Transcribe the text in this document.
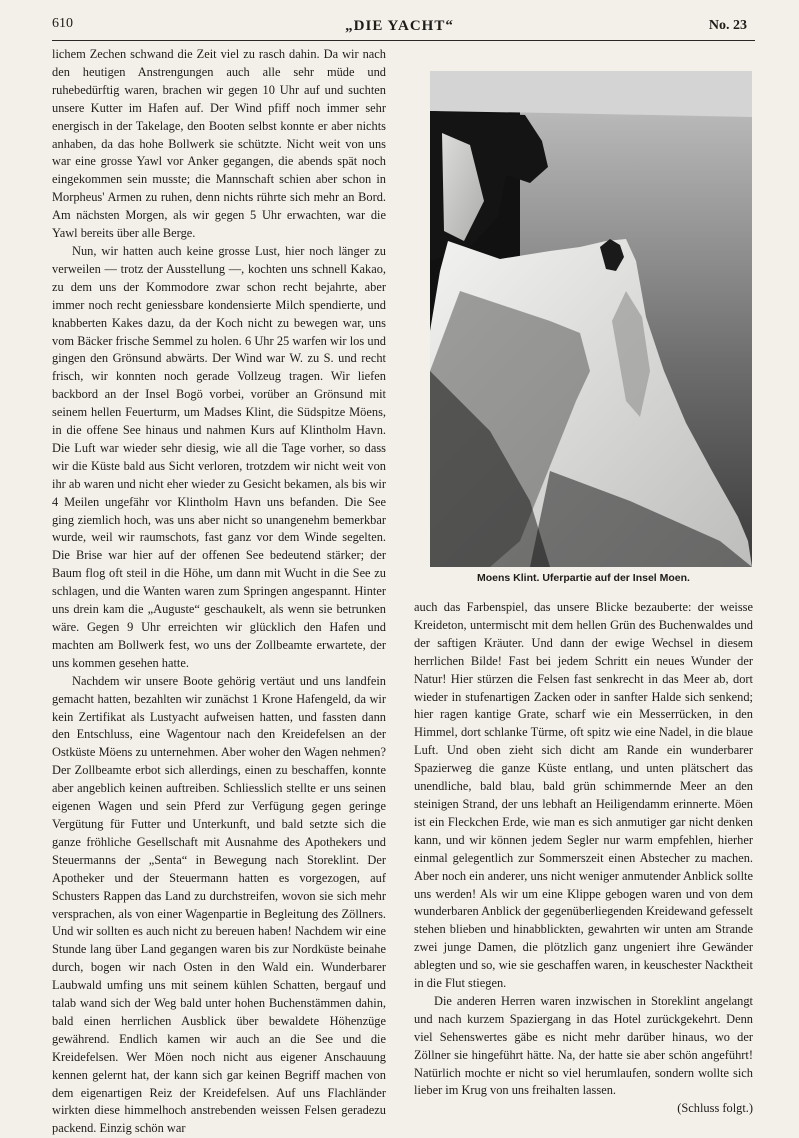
610	„DIE YACHT“	No. 23

lichem Zechen schwand die Zeit viel zu rasch dahin. Da wir nach den heutigen Anstrengungen auch alle sehr müde und ruhebedürftig waren, brachen wir gegen 10 Uhr auf und suchten unsere Kutter im Hafen auf. Der Wind pfiff noch immer sehr energisch in der Takelage, den Booten selbst konnte er aber nichts anhaben, da das hohe Bollwerk sie schützte. Nicht weit von uns war eine grosse Yawl vor Anker gegangen, die abends spät noch eingekommen sein musste; die Mannschaft schien aber schon in Morpheus' Armen zu ruhen, denn nichts rührte sich mehr an Bord. Am nächsten Morgen, als wir gegen 5 Uhr erwachten, war die Yawl bereits über alle Berge.

Nun, wir hatten auch keine grosse Lust, hier noch länger zu verweilen — trotz der Ausstellung —, kochten uns schnell Kakao, zu dem uns der Kommodore zwar schon recht bejahrte, aber immer noch recht geniessbare kondensierte Milch spendierte, und knabberten Kakes dazu, da der Koch nicht zu bewegen war, uns vom Bäcker frische Semmel zu holen. 6 Uhr 25 warfen wir los und gingen den Grönsund abwärts. Der Wind war W. zu S. und recht frisch, wir konnten noch gerade Vollzeug tragen. Wir liefen backbord an der Insel Bogö vorbei, vorüber an Grönsund mit seinem hellen Feuerturm, um Madses Klint, die Südspitze Möens, in die offene See hinaus und nahmen Kurs auf Klintholm Havn. Die Luft war wieder sehr diesig, wie all die Tage vorher, so dass wir die Küste bald aus Sicht verloren, trotzdem wir nicht weit von ihr ab waren und nicht eher wieder zu Gesicht bekamen, als bis wir 4 Meilen ungefähr vor Klintholm Havn uns befanden. Die See ging ziemlich hoch, was uns aber nicht so unangenehm bemerkbar wurde, weil wir raumschots, fast ganz vor dem Winde segelten. Die Brise war hier auf der offenen See bedeutend stärker; der Baum flog oft steil in die Höhe, um dann mit Wucht in die See zu schlagen, und die Wanten waren zum Springen angespannt. Hinter uns drein kam die „Auguste“ geschaukelt, als wenn sie betrunken wäre. Gegen 9 Uhr erreichten wir glücklich den Hafen und machten am Bollwerk fest, wo uns der Zollbeamte erwartete, der uns kommen gesehen hatte.

Nachdem wir unsere Boote gehörig vertäut und uns landfein gemacht hatten, bezahlten wir zunächst 1 Krone Hafengeld, da wir kein Zertifikat als Lustyacht aufweisen hatten, und fassten dann den Entschluss, eine Wagentour nach den Kreidefelsen an der Ostküste Möens zu unternehmen. Aber woher den Wagen nehmen? Der Zollbeamte erbot sich allerdings, einen zu beschaffen, konnte aber angeblich keinen auftreiben. Schliesslich stellte er uns seinen eigenen Wagen und sein Pferd zur Verfügung gegen geringe Vergütung für Futter und Unterkunft, und bald setzte sich die ganze fröhliche Gesellschaft mit Ausnahme des Apothekers und Steuermanns der „Senta“ in Bewegung nach Storeklint. Der Apotheker und der Steuermann hatten es vorgezogen, auf Schusters Rappen das Land zu durchstreifen, wovon sie sich mehr versprachen, als von einer Wagenpartie in Begleitung des Zöllners. Und wir sollten es auch nicht zu bereuen haben! Nachdem wir eine Stunde lang über Land gegangen waren bis zur Nordküste beinahe durch, bogen wir nach Osten in den Wald ein. Wunderbarer Laubwald umfing uns mit seinem kühlen Schatten, bergauf und talab wand sich der Weg bald unter hohen Buchenstämmen dahin, bald einen herrlichen Ausblick über bewaldete Höhenzüge gewährend. Endlich kamen wir auch an die See und die Kreidefelsen. Wer Möen noch nicht aus eigener Anschauung kennen gelernt hat, der kann sich gar keinen Begriff machen von dem eigenartigen Reiz der Kreidefelsen. Auf uns Flachländer wirkten diese himmelhoch anstrebenden weissen Felsen geradezu packend. Einzig schön war

Moens Klint. Uferpartie auf der Insel Moen.

auch das Farbenspiel, das unsere Blicke bezauberte: der weisse Kreideton, untermischt mit dem hellen Grün des Buchenwaldes und der saftigen Kräuter. Und dann der ewige Wechsel in diesem herrlichen Bilde! Fast bei jedem Schritt ein neues Wunder der Natur! Hier stürzen die Felsen fast senkrecht in das Meer ab, dort wieder in stufenartigen Zacken oder in sanfter Halde sich senkend; hier ragen kantige Grate, scharf wie ein Messerrücken, in den Himmel, dort schlanke Türme, oft spitz wie eine Nadel, in die blaue Luft. Und oben zieht sich dicht am Rande ein wunderbarer Spazierweg die ganze Küste entlang, und unten plätschert das unendliche, bald blau, bald grün schimmernde Meer an den steinigen Strand, der uns lebhaft an Heiligendamm erinnerte. Möen ist ein Fleckchen Erde, wie man es sich anmutiger gar nicht denken kann, und wir können jedem Segler nur warm empfehlen, hierher einmal gelegentlich zur Sommerszeit einen Abstecher zu machen. Aber noch ein anderer, uns nicht weniger anmutender Anblick sollte uns werden! Als wir um eine Klippe gebogen waren und von dem wunderbaren Anblick der gegenüberliegenden Kreidewand gefesselt stehen blieben und hinabblickten, gewahrten wir unten am Strande zwei junge Damen, die plötzlich ganz ungeniert ihre Gewänder ablegten und so, wie sie geschaffen waren, in keuschester Nacktheit in die Flut stiegen.

Die anderen Herren waren inzwischen in Storeklint angelangt und nach kurzem Spaziergang in das Hotel zurückgekehrt. Denn viel Sehenswertes gäbe es nicht mehr darüber hinaus, wo der Zöllner sie hingeführt hätte. Na, der hatte sie aber schön angeführt! Natürlich mochte er nicht so viel herumlaufen, sondern wollte sich lieber im Krug von uns freihalten lassen.

(Schluss folgt.)
